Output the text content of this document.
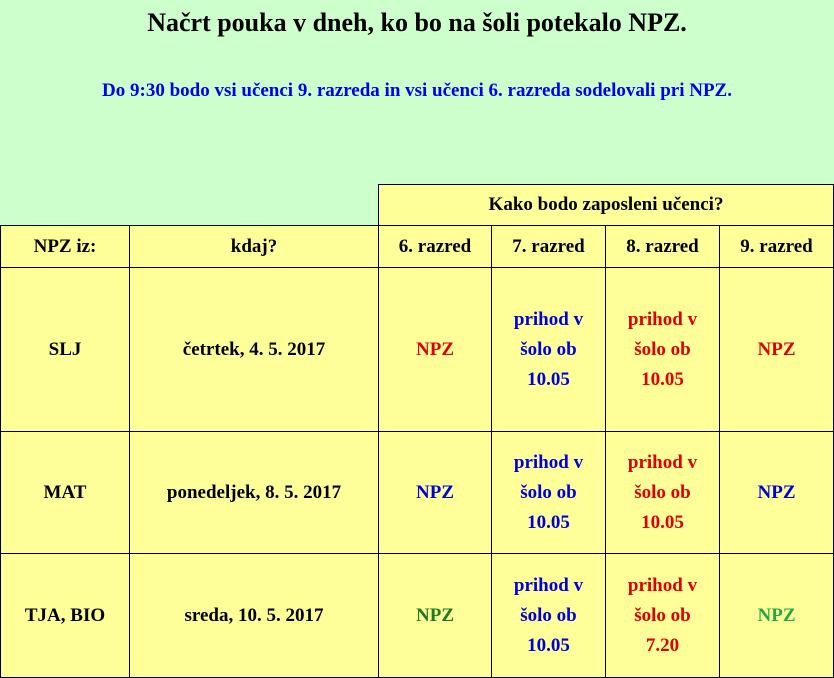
Načrt pouka v dneh, ko bo na šoli potekalo NPZ.
Do 9:30 bodo vsi učenci 9. razreda in vsi učenci 6. razreda sodelovali pri NPZ.
		Kako bodo zaposleni učenci?			
NPZ iz:	kdaj?	6. razred	7. razred	8. razred	9. razred
SLJ	četrtek, 4. 5. 2017	NPZ	prihod v
šolo ob
10.05	prihod v
šolo ob
10.05	NPZ
MAT	ponedeljek, 8. 5. 2017	NPZ	prihod v
šolo ob
10.05	prihod v
šolo ob
10.05	NPZ
TJA, BIO	sreda, 10. 5. 2017	NPZ	prihod v
šolo ob
10.05	prihod v
šolo ob
7.20	NPZ
